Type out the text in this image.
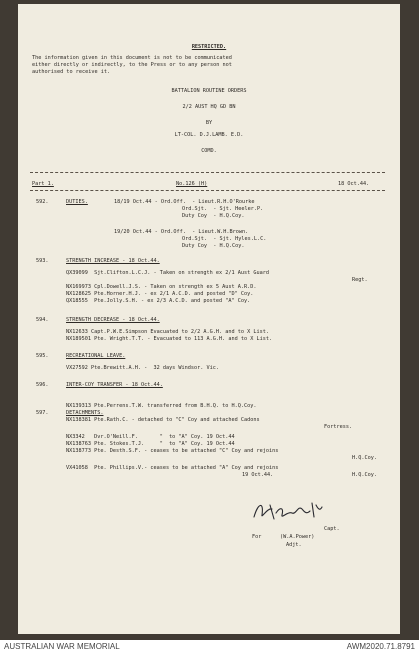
RESTRICTED.
The information given in this document is not to be communicated
either directly or indirectly, to the Press or to any person not
authorised to receive it.
BATTALION ROUTINE ORDERS
2/2 AUST HQ GD BN
BY
LT-COL. D.J.LAMB. E.D.
COMD.
Part 1.	No.126 (H)	18 Oct.44.
592.	DUTIES.	18/19 Oct.44 - Ord.Off.  - Lieut.R.H.O'Rourke
Ord.Sjt.  - Sjt. Heeler.P.
Duty Coy  - H.Q.Coy.
19/20 Oct.44 - Ord.Off.  - Lieut.W.H.Brown.
Ord.Sjt.  - Sjt. Hyles.L.C.
Duty Coy  - H.Q.Coy.
593.	STRENGTH INCREASE - 18 Oct.44.
QX39099  Sjt.Clifton.L.C.J. - Taken on strength ex 2/1 Aust Guard
Regt.
NX169973 Cpl.Dowell.J.S. - Taken on strength ex 5 Aust A.R.D.
NX128625 Pte.Horner.H.J. - ex 2/1 A.C.D. and posted "D" Coy.
QX18555  Pte.Jolly.S.H. - ex 2/3 A.C.D. and posted "A" Coy.
594.	STRENGTH DECREASE - 18 Oct.44.
NX12633 Capt.P.W.E.Simpson Evacuated to 2/2 A.G.H. and to X List.
NX189501 Pte. Wright.T.T. - Evacuated to 113 A.G.H. and to X List.
595.	RECREATIONAL LEAVE.
VX27592 Pte.Brewitt.A.H. -  32 days Windsor. Vic.
596.	INTER-COY TRANSFER - 18 Oct.44.
NX139313 Pte.Perrens.T.W. transferred from B.H.Q. to H.Q.Coy.
597.	DETACHMENTS.
NX138381 Pte.Rath.C. - detached to "C" Coy and attached Cadons
Fortress.
NX3342   Dvr.O'Neill.F.       "  to "A" Coy. 19 Oct.44
NX138763 Pte. Stokes.T.J.     "  to "A" Coy. 19 Oct.44
NX138773 Pte. Desth.S.F. - ceases to be attached "C" Coy and rejoins
H.Q.Coy.
VX41058  Pte. Phillips.V.- ceases to be attached "A" Coy and rejoins
H.Q.Coy.
19 Oct.44.
Capt.
For	(W.A.Power)
Adjt.
AUSTRALIAN WAR MEMORIAL	AWM2020.71.8791
